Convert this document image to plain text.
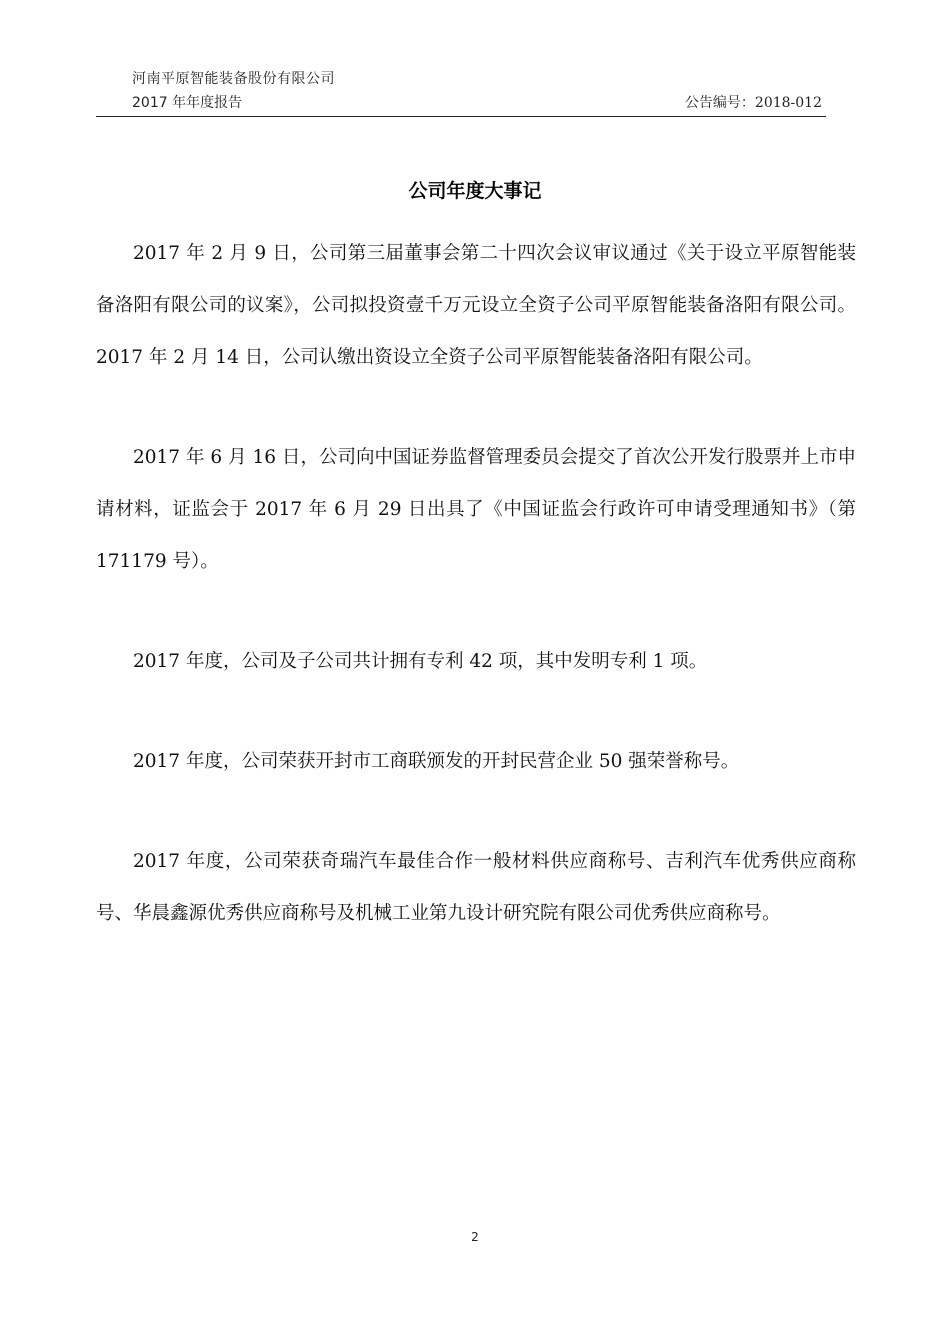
河南平原智能装备股份有限公司
2017 年年度报告	公告编号：2018-012
公司年度大事记

2017 年 2 月 9 日，公司第三届董事会第二十四次会议审议通过《关于设立平原智能装备洛阳有限公司的议案》，公司拟投资壹千万元设立全资子公司平原智能装备洛阳有限公司。2017 年 2 月 14 日，公司认缴出资设立全资子公司平原智能装备洛阳有限公司。

2017 年 6 月 16 日，公司向中国证券监督管理委员会提交了首次公开发行股票并上市申请材料，证监会于 2017 年 6 月 29 日出具了《中国证监会行政许可申请受理通知书》（第 171179 号）。

2017 年度，公司及子公司共计拥有专利 42 项，其中发明专利 1 项。

2017 年度，公司荣获开封市工商联颁发的开封民营企业 50 强荣誉称号。

2017 年度，公司荣获奇瑞汽车最佳合作一般材料供应商称号、吉利汽车优秀供应商称号、华晨鑫源优秀供应商称号及机械工业第九设计研究院有限公司优秀供应商称号。

2
